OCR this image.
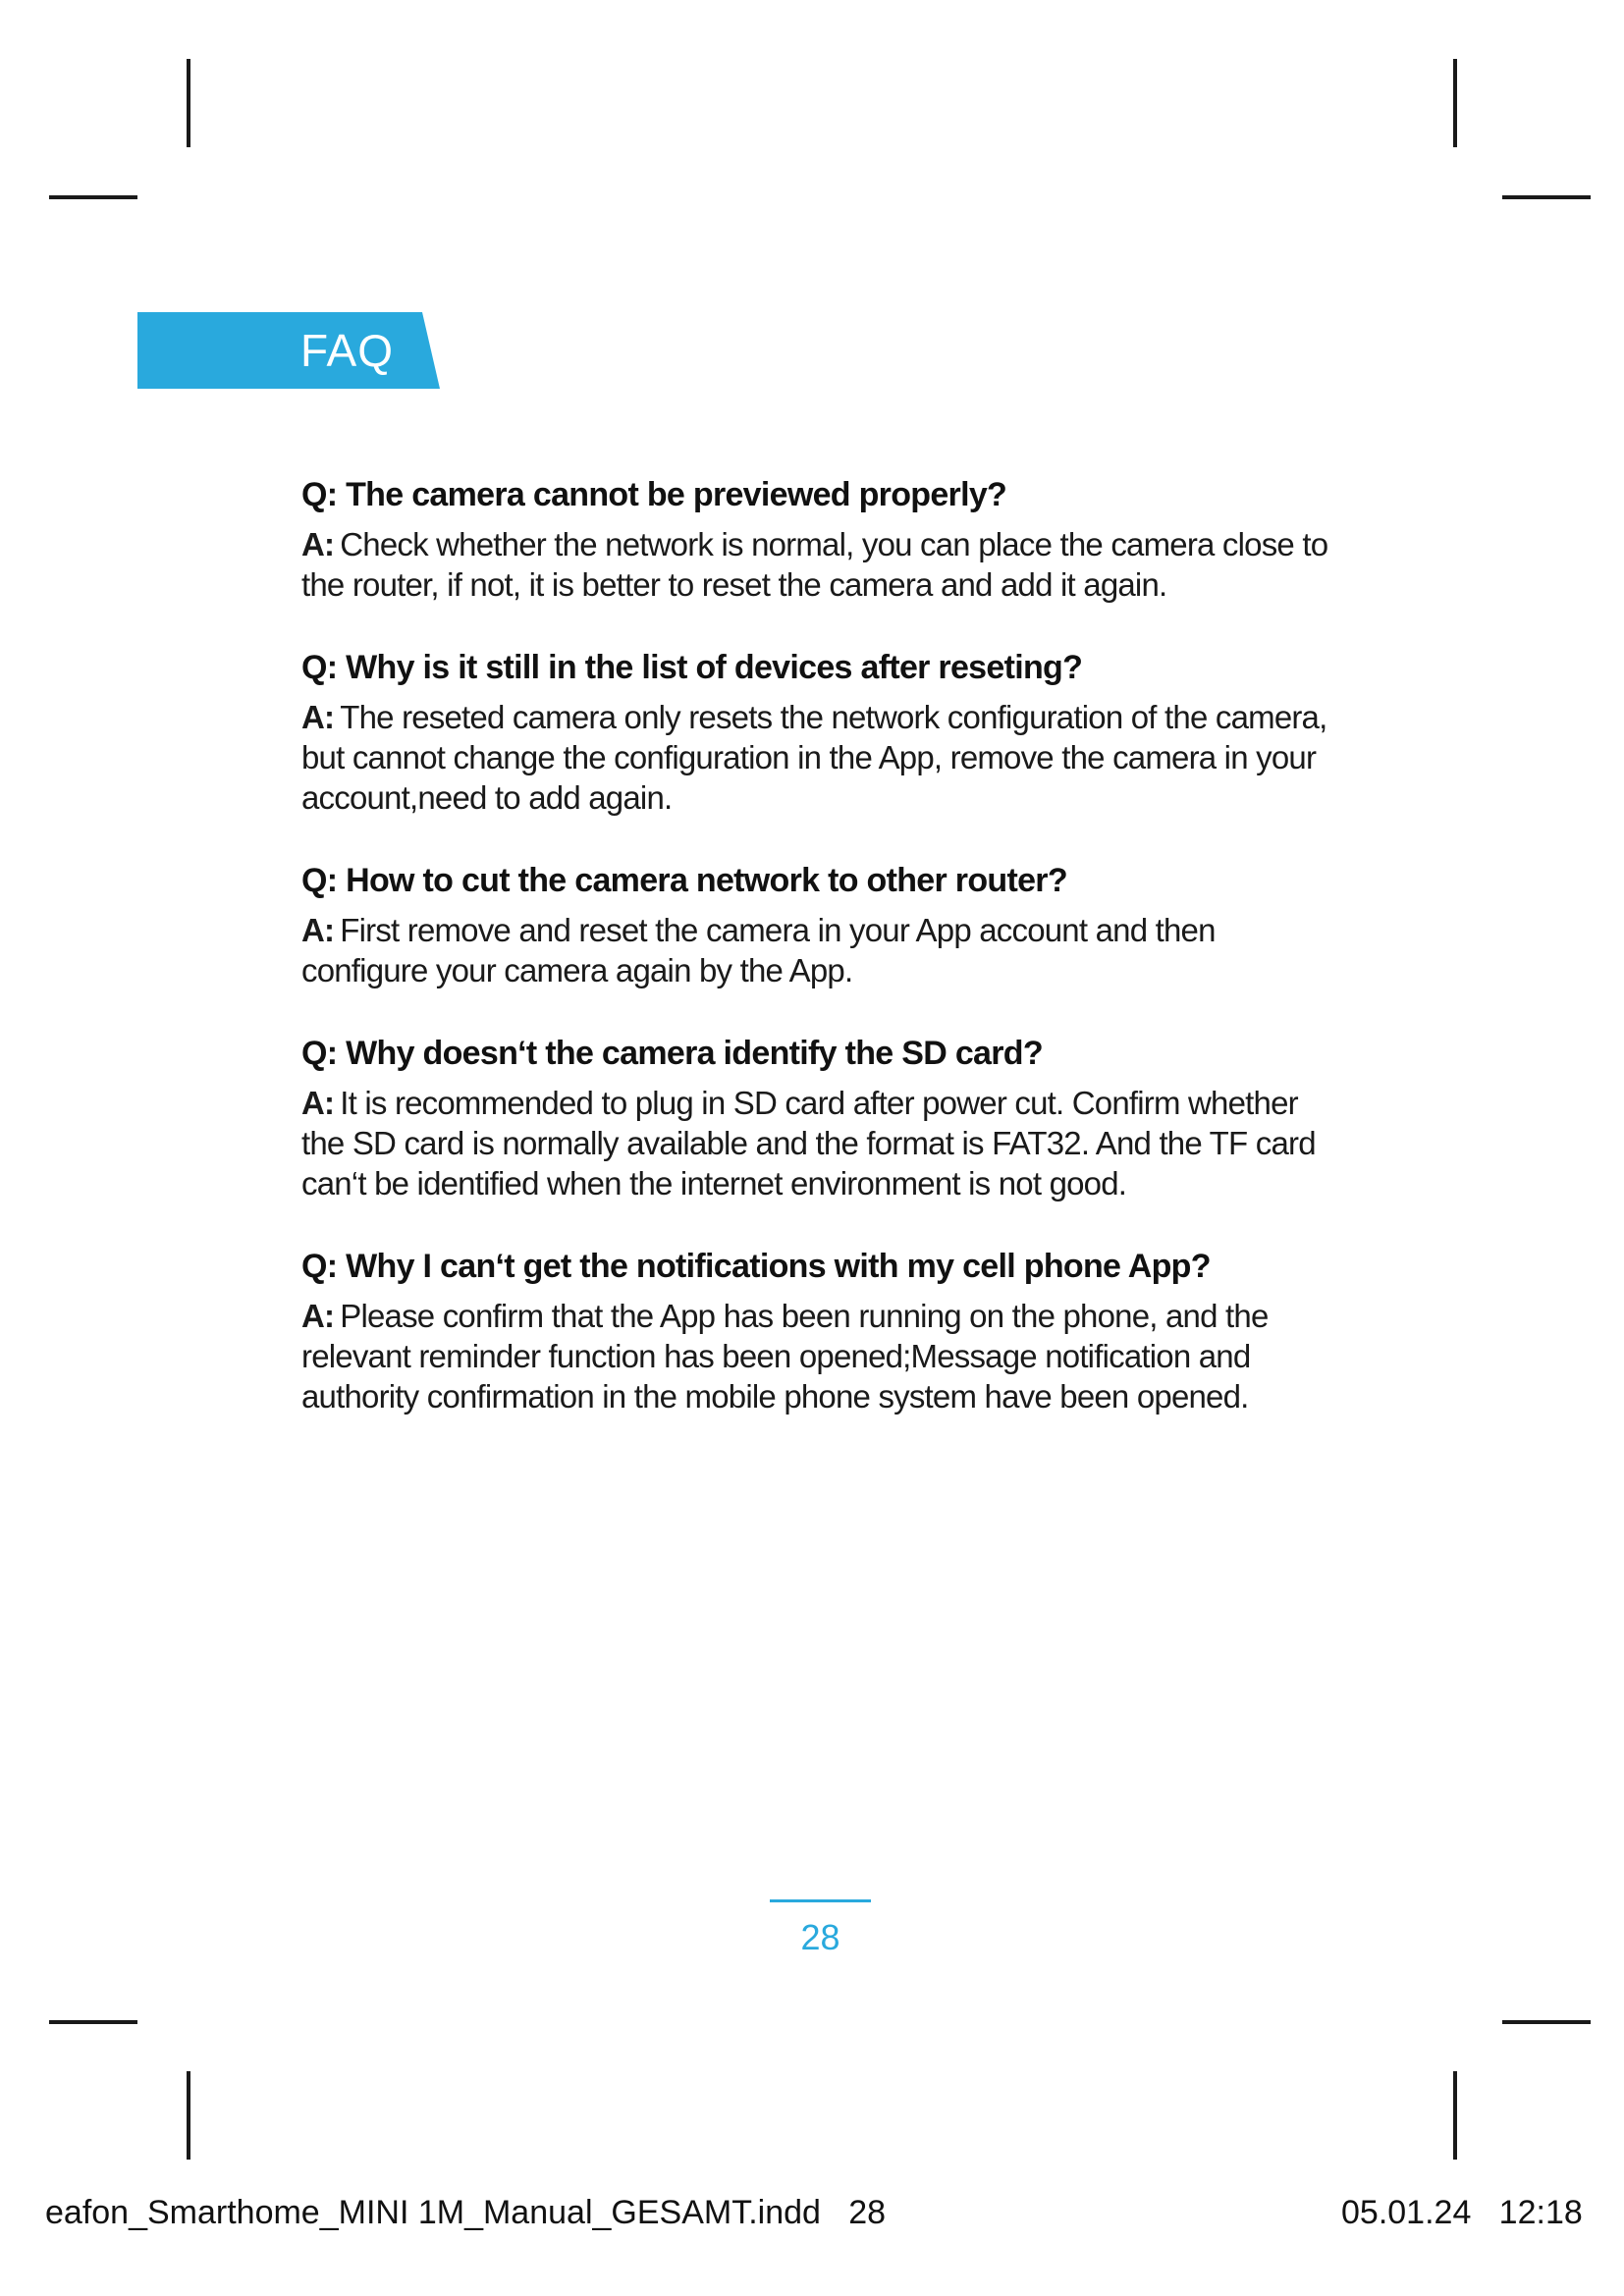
FAQ
Q: The camera cannot be previewed properly?
A: Check whether the network is normal, you can place the camera close to the router, if not, it is better to reset the camera and add it again.
Q: Why is it still in the list of devices after reseting?
A: The reseted camera only resets the network configuration of the camera, but cannot change the configuration in the App, remove the camera in your account,need to add again.
Q: How to cut the camera network to other router?
A: First remove and reset the camera in your App account and then configure your camera again by the App.
Q: Why doesn‘t the camera identify the SD card?
A: It is recommended to plug in SD card after power cut. Confirm whether the SD card is normally available and the format is FAT32. And the TF card can‘t be identified when the internet environment is not good.
Q: Why I can‘t get the notifications with my cell phone App?
A: Please confirm that the App has been running on the phone, and the relevant reminder function has been opened;Message notification and authority confirmation in the mobile phone system have been opened.
28
eafon_Smarthome_MINI 1M_Manual_GESAMT.indd   28	05.01.24   12:18
